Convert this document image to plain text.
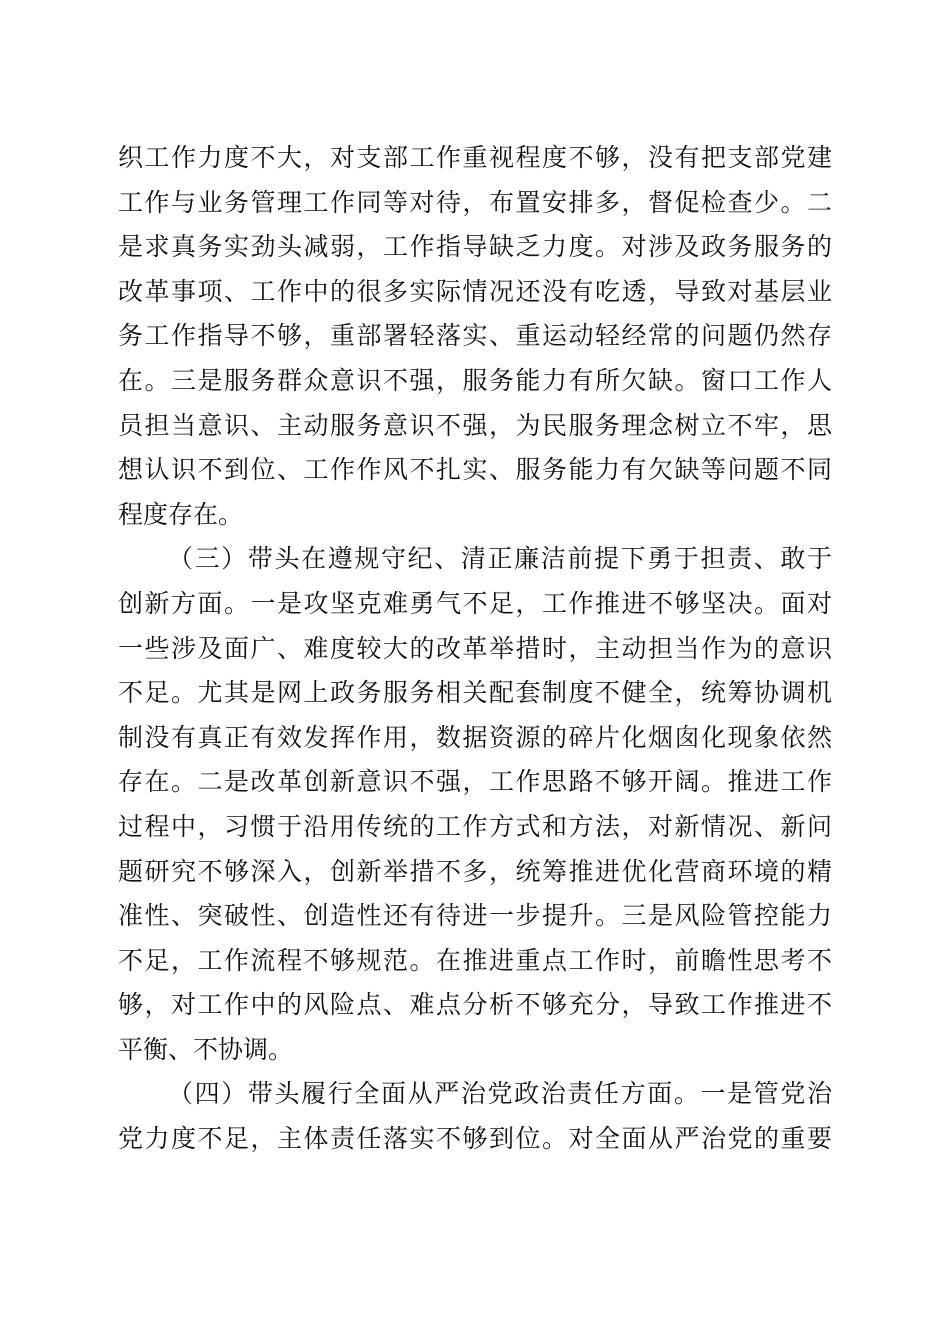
织工作力度不大，对支部工作重视程度不够，没有把支部党建
工作与业务管理工作同等对待，布置安排多，督促检查少。二
是求真务实劲头减弱，工作指导缺乏力度。对涉及政务服务的
改革事项、工作中的很多实际情况还没有吃透，导致对基层业
务工作指导不够，重部署轻落实、重运动轻经常的问题仍然存
在。三是服务群众意识不强，服务能力有所欠缺。窗口工作人
员担当意识、主动服务意识不强，为民服务理念树立不牢，思
想认识不到位、工作作风不扎实、服务能力有欠缺等问题不同
程度存在。
（三）带头在遵规守纪、清正廉洁前提下勇于担责、敢于
创新方面。一是攻坚克难勇气不足，工作推进不够坚决。面对
一些涉及面广、难度较大的改革举措时，主动担当作为的意识
不足。尤其是网上政务服务相关配套制度不健全，统筹协调机
制没有真正有效发挥作用，数据资源的碎片化烟囱化现象依然
存在。二是改革创新意识不强，工作思路不够开阔。推进工作
过程中，习惯于沿用传统的工作方式和方法，对新情况、新问
题研究不够深入，创新举措不多，统筹推进优化营商环境的精
准性、突破性、创造性还有待进一步提升。三是风险管控能力
不足，工作流程不够规范。在推进重点工作时，前瞻性思考不
够，对工作中的风险点、难点分析不够充分，导致工作推进不
平衡、不协调。
（四）带头履行全面从严治党政治责任方面。一是管党治
党力度不足，主体责任落实不够到位。对全面从严治党的重要
